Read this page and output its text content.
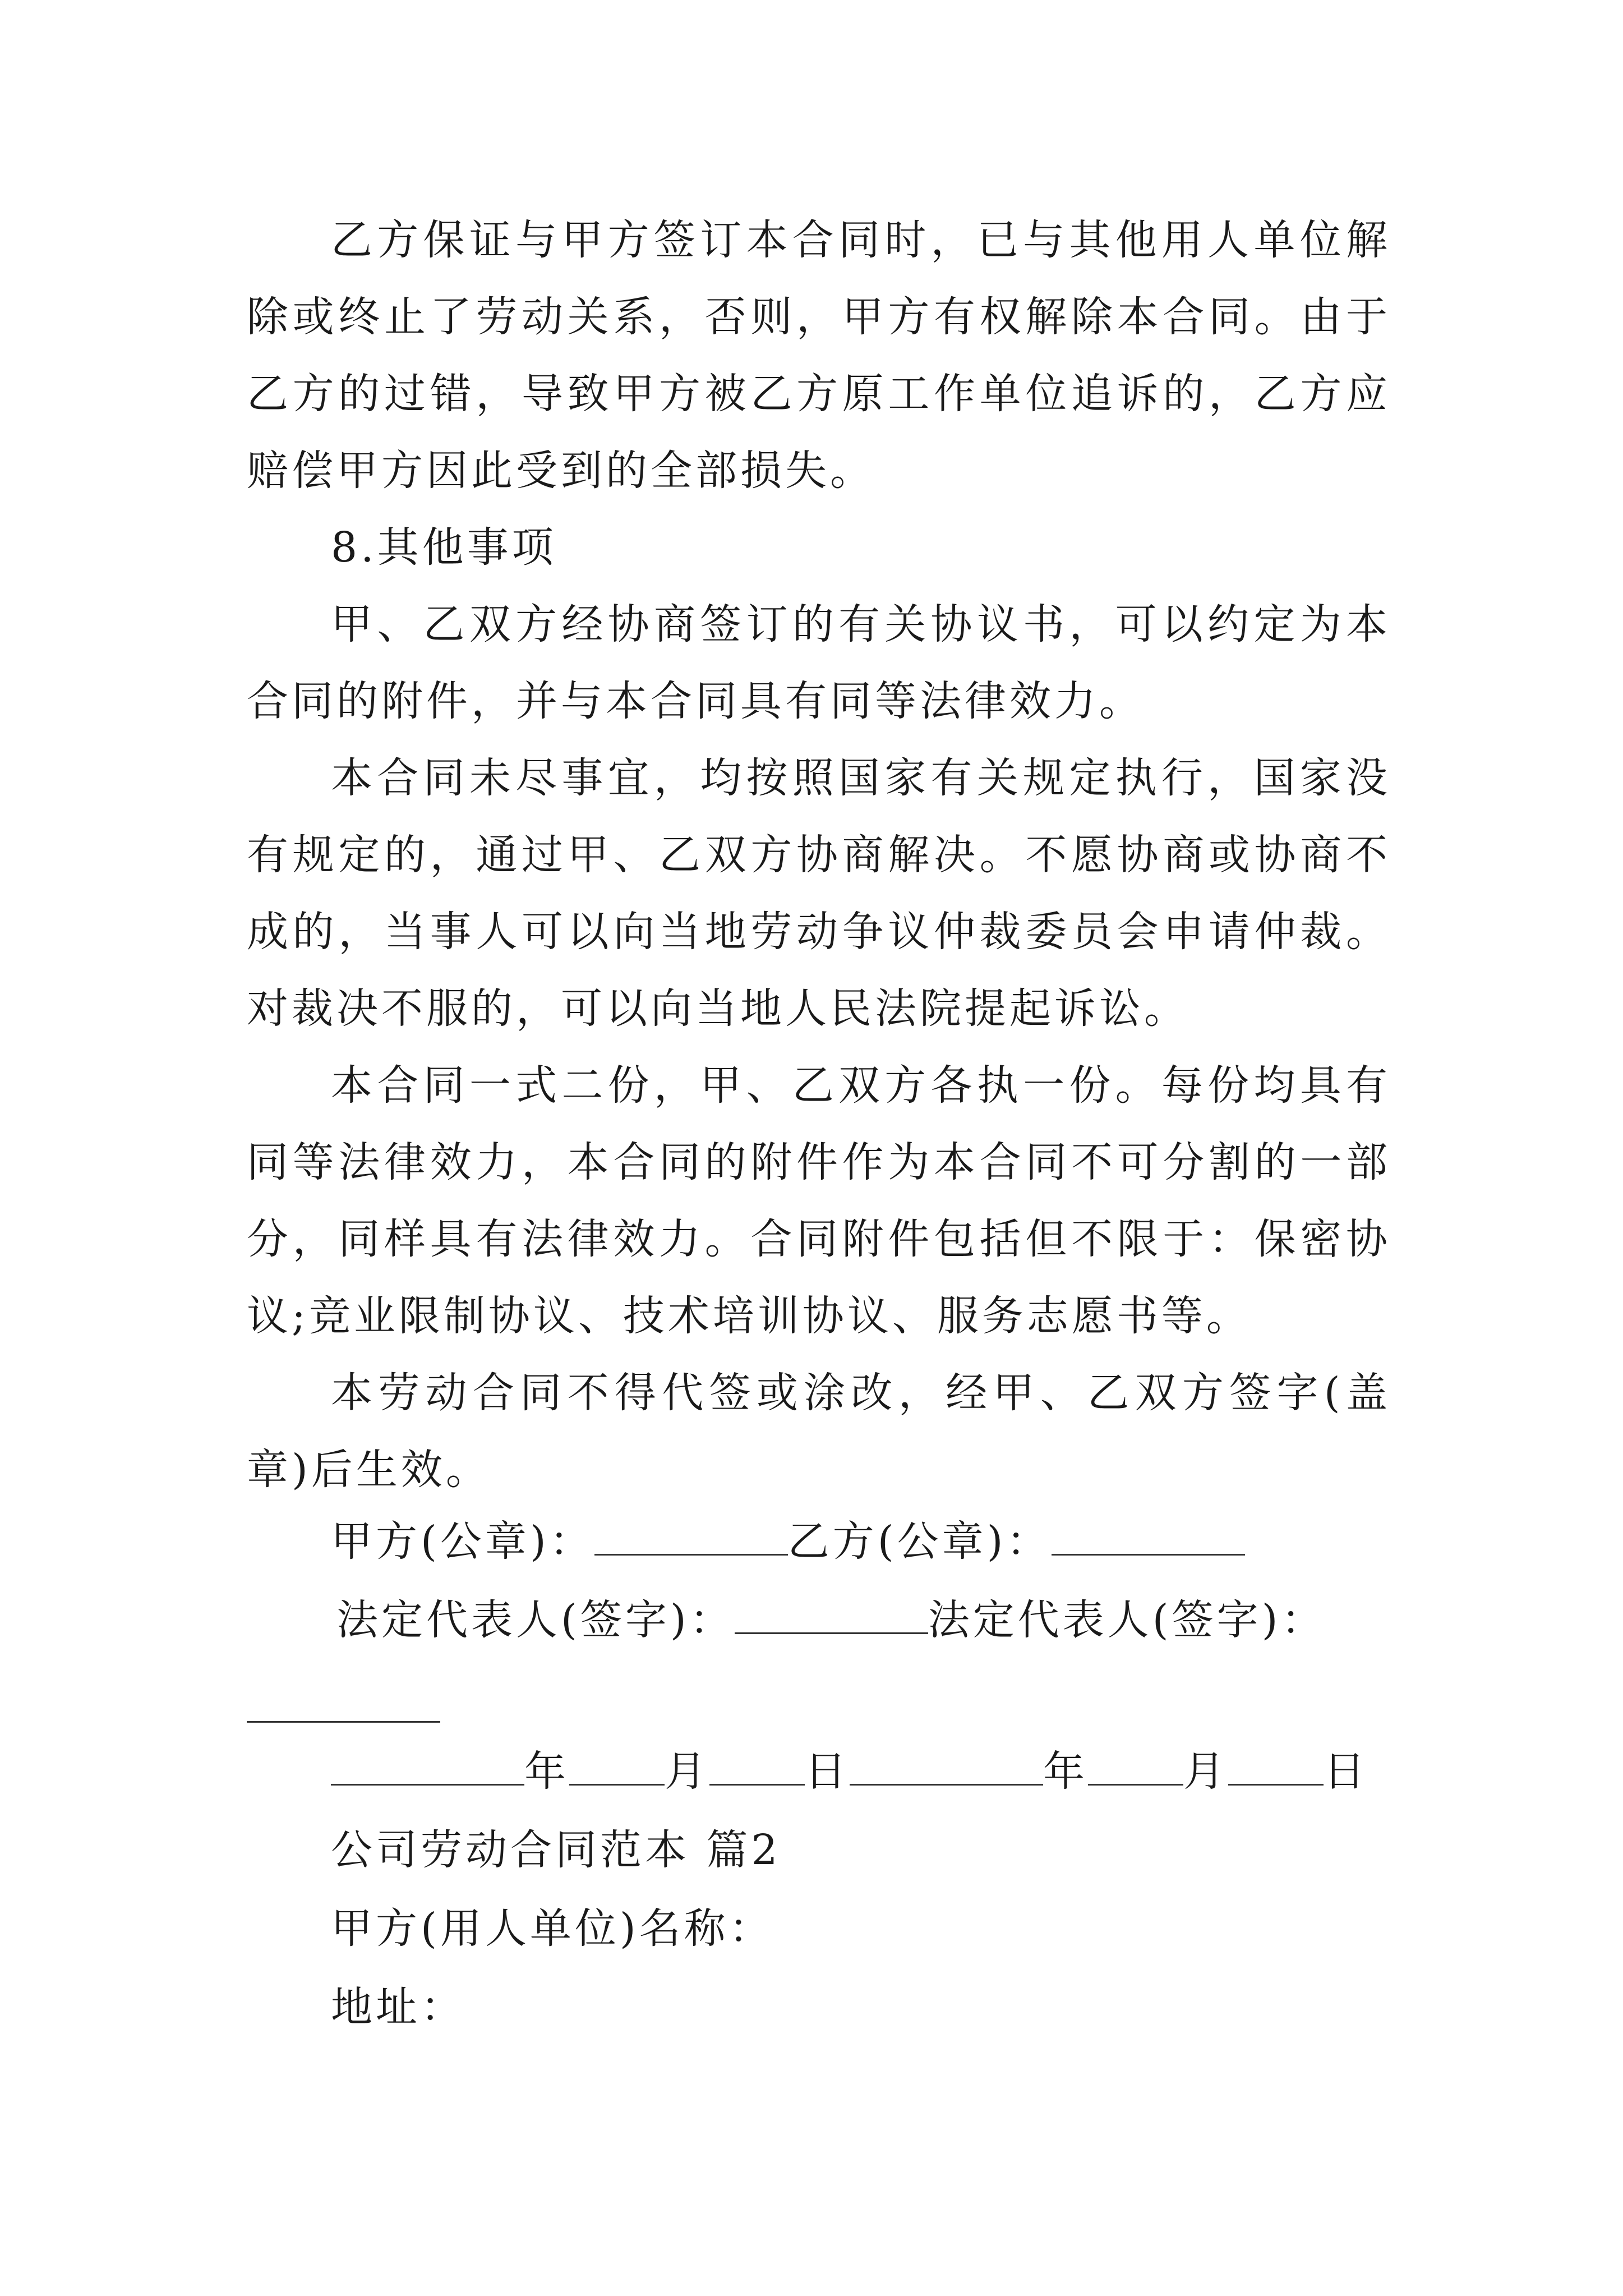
乙方保证与甲方签订本合同时，已与其他用人单位解除或终止了劳动关系，否则，甲方有权解除本合同。由于乙方的过错，导致甲方被乙方原工作单位追诉的，乙方应赔偿甲方因此受到的全部损失。

8.其他事项

甲、乙双方经协商签订的有关协议书，可以约定为本合同的附件，并与本合同具有同等法律效力。

本合同未尽事宜，均按照国家有关规定执行，国家没有规定的，通过甲、乙双方协商解决。不愿协商或协商不成的，当事人可以向当地劳动争议仲裁委员会申请仲裁。对裁决不服的，可以向当地人民法院提起诉讼。

本合同一式二份，甲、乙双方各执一份。每份均具有同等法律效力，本合同的附件作为本合同不可分割的一部分，同样具有法律效力。合同附件包括但不限于：保密协议;竞业限制协议、技术培训协议、服务志愿书等。

本劳动合同不得代签或涂改，经甲、乙双方签字(盖章)后生效。

甲方(公章)：	乙方(公章)：
法定代表人(签字)：	法定代表人(签字)：
年 月 日	年 月 日
公司劳动合同范本 篇2
甲方(用人单位)名称：
地址：
